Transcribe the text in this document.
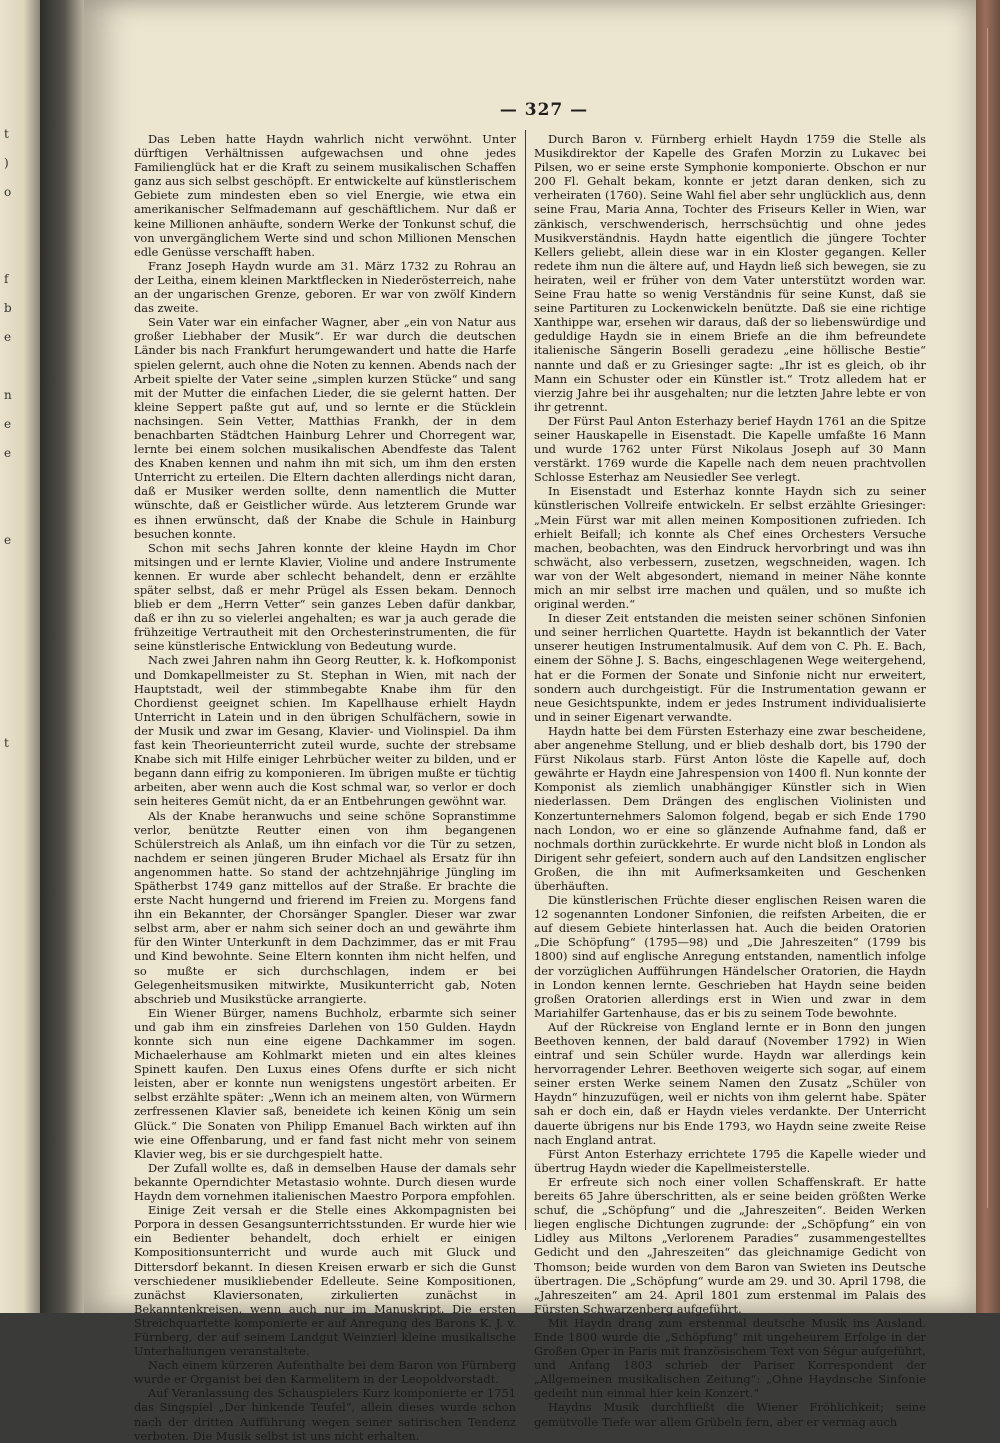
t
)
o
f
b
e
n
e
e
e
t
— 327 —

Das Leben hatte Haydn wahrlich nicht verwöhnt. Unter dürftigen Verhältnissen aufgewachsen und ohne jedes Familienglück hat er die Kraft zu seinem musikalischen Schaffen ganz aus sich selbst geschöpft. Er entwickelte auf künstlerischem Gebiete zum mindesten eben so viel Energie, wie etwa ein amerikanischer Selfmademann auf geschäftlichem. Nur daß er keine Millionen anhäufte, sondern Werke der Tonkunst schuf, die von unvergänglichem Werte sind und schon Millionen Menschen edle Genüsse verschafft haben.

Franz Joseph Haydn wurde am 31. März 1732 zu Rohrau an der Leitha, einem kleinen Marktflecken in Niederösterreich, nahe an der ungarischen Grenze, geboren. Er war von zwölf Kindern das zweite.

Sein Vater war ein einfacher Wagner, aber „ein von Natur aus großer Liebhaber der Musik“. Er war durch die deutschen Länder bis nach Frankfurt herumgewandert und hatte die Harfe spielen gelernt, auch ohne die Noten zu kennen. Abends nach der Arbeit spielte der Vater seine „simplen kurzen Stücke“ und sang mit der Mutter die einfachen Lieder, die sie gelernt hatten. Der kleine Seppert paßte gut auf, und so lernte er die Stücklein nachsingen. Sein Vetter, Matthias Frankh, der in dem benachbarten Städtchen Hainburg Lehrer und Chorregent war, lernte bei einem solchen musikalischen Abendfeste das Talent des Knaben kennen und nahm ihn mit sich, um ihm den ersten Unterricht zu erteilen. Die Eltern dachten allerdings nicht daran, daß er Musiker werden sollte, denn namentlich die Mutter wünschte, daß er Geistlicher würde. Aus letzterem Grunde war es ihnen erwünscht, daß der Knabe die Schule in Hainburg besuchen konnte.

Schon mit sechs Jahren konnte der kleine Haydn im Chor mitsingen und er lernte Klavier, Violine und andere Instrumente kennen. Er wurde aber schlecht behandelt, denn er erzählte später selbst, daß er mehr Prügel als Essen bekam. Dennoch blieb er dem „Herrn Vetter“ sein ganzes Leben dafür dankbar, daß er ihn zu so vielerlei angehalten; es war ja auch gerade die frühzeitige Vertrautheit mit den Orchesterinstrumenten, die für seine künstlerische Entwicklung von Bedeutung wurde.

Nach zwei Jahren nahm ihn Georg Reutter, k. k. Hofkomponist und Domkapellmeister zu St. Stephan in Wien, mit nach der Hauptstadt, weil der stimmbegabte Knabe ihm für den Chordienst geeignet schien. Im Kapellhause erhielt Haydn Unterricht in Latein und in den übrigen Schulfächern, sowie in der Musik und zwar im Gesang, Klavier- und Violinspiel. Da ihm fast kein Theorieunterricht zuteil wurde, suchte der strebsame Knabe sich mit Hilfe einiger Lehrbücher weiter zu bilden, und er begann dann eifrig zu komponieren. Im übrigen mußte er tüchtig arbeiten, aber wenn auch die Kost schmal war, so verlor er doch sein heiteres Gemüt nicht, da er an Entbehrungen gewöhnt war.

Als der Knabe heranwuchs und seine schöne Sopranstimme verlor, benützte Reutter einen von ihm begangenen Schülerstreich als Anlaß, um ihn einfach vor die Tür zu setzen, nachdem er seinen jüngeren Bruder Michael als Ersatz für ihn angenommen hatte. So stand der achtzehnjährige Jüngling im Spätherbst 1749 ganz mittellos auf der Straße. Er brachte die erste Nacht hungernd und frierend im Freien zu. Morgens fand ihn ein Bekannter, der Chorsänger Spangler. Dieser war zwar selbst arm, aber er nahm sich seiner doch an und gewährte ihm für den Winter Unterkunft in dem Dachzimmer, das er mit Frau und Kind bewohnte. Seine Eltern konnten ihm nicht helfen, und so mußte er sich durchschlagen, indem er bei Gelegenheitsmusiken mitwirkte, Musikunterricht gab, Noten abschrieb und Musikstücke arrangierte.

Ein Wiener Bürger, namens Buchholz, erbarmte sich seiner und gab ihm ein zinsfreies Darlehen von 150 Gulden. Haydn konnte sich nun eine eigene Dachkammer im sogen. Michaelerhause am Kohlmarkt mieten und ein altes kleines Spinett kaufen. Den Luxus eines Ofens durfte er sich nicht leisten, aber er konnte nun wenigstens ungestört arbeiten. Er selbst erzählte später: „Wenn ich an meinem alten, von Würmern zerfressenen Klavier saß, beneidete ich keinen König um sein Glück.“ Die Sonaten von Philipp Emanuel Bach wirkten auf ihn wie eine Offenbarung, und er fand fast nicht mehr von seinem Klavier weg, bis er sie durchgespielt hatte.

Der Zufall wollte es, daß in demselben Hause der damals sehr bekannte Operndichter Metastasio wohnte. Durch diesen wurde Haydn dem vornehmen italienischen Maestro Porpora empfohlen.

Einige Zeit versah er die Stelle eines Akkompagnisten bei Porpora in dessen Gesangsunterrichtsstunden. Er wurde hier wie ein Bedienter behandelt, doch erhielt er einigen Kompositionsunterricht und wurde auch mit Gluck und Dittersdorf bekannt. In diesen Kreisen erwarb er sich die Gunst verschiedener musikliebender Edelleute. Seine Kompositionen, zunächst Klaviersonaten, zirkulierten zunächst in Bekanntenkreisen, wenn auch nur im Manuskript. Die ersten Streichquartette komponierte er auf Anregung des Barons K. J. v. Fürnberg, der auf seinem Landgut Weinzierl kleine musikalische Unterhaltungen veranstaltete.

Nach einem kürzeren Aufenthalte bei dem Baron von Fürnberg wurde er Organist bei den Karmelitern in der Leopoldvorstadt.

Auf Veranlassung des Schauspielers Kurz komponierte er 1751 das Singspiel „Der hinkende Teufel“, allein dieses wurde schon nach der dritten Aufführung wegen seiner satirischen Tendenz verboten. Die Musik selbst ist uns nicht erhalten.

Durch Baron v. Fürnberg erhielt Haydn 1759 die Stelle als Musikdirektor der Kapelle des Grafen Morzin zu Lukavec bei Pilsen, wo er seine erste Symphonie komponierte. Obschon er nur 200 Fl. Gehalt bekam, konnte er jetzt daran denken, sich zu verheiraten (1760). Seine Wahl fiel aber sehr unglücklich aus, denn seine Frau, Maria Anna, Tochter des Friseurs Keller in Wien, war zänkisch, verschwenderisch, herrschsüchtig und ohne jedes Musikverständnis. Haydn hatte eigentlich die jüngere Tochter Kellers geliebt, allein diese war in ein Kloster gegangen. Keller redete ihm nun die ältere auf, und Haydn ließ sich bewegen, sie zu heiraten, weil er früher von dem Vater unterstützt worden war. Seine Frau hatte so wenig Verständnis für seine Kunst, daß sie seine Partituren zu Lockenwickeln benützte. Daß sie eine richtige Xanthippe war, ersehen wir daraus, daß der so liebenswürdige und geduldige Haydn sie in einem Briefe an die ihm befreundete italienische Sängerin Boselli geradezu „eine höllische Bestie“ nannte und daß er zu Griesinger sagte: „Ihr ist es gleich, ob ihr Mann ein Schuster oder ein Künstler ist.“ Trotz alledem hat er vierzig Jahre bei ihr ausgehalten; nur die letzten Jahre lebte er von ihr getrennt.

Der Fürst Paul Anton Esterhazy berief Haydn 1761 an die Spitze seiner Hauskapelle in Eisenstadt. Die Kapelle umfaßte 16 Mann und wurde 1762 unter Fürst Nikolaus Joseph auf 30 Mann verstärkt. 1769 wurde die Kapelle nach dem neuen prachtvollen Schlosse Esterhaz am Neusiedler See verlegt.

In Eisenstadt und Esterhaz konnte Haydn sich zu seiner künstlerischen Vollreife entwickeln. Er selbst erzählte Griesinger: „Mein Fürst war mit allen meinen Kompositionen zufrieden. Ich erhielt Beifall; ich konnte als Chef eines Orchesters Versuche machen, beobachten, was den Eindruck hervorbringt und was ihn schwächt, also verbessern, zusetzen, wegschneiden, wagen. Ich war von der Welt abgesondert, niemand in meiner Nähe konnte mich an mir selbst irre machen und quälen, und so mußte ich original werden.“

In dieser Zeit entstanden die meisten seiner schönen Sinfonien und seiner herrlichen Quartette. Haydn ist bekanntlich der Vater unserer heutigen Instrumentalmusik. Auf dem von C. Ph. E. Bach, einem der Söhne J. S. Bachs, eingeschlagenen Wege weitergehend, hat er die Formen der Sonate und Sinfonie nicht nur erweitert, sondern auch durchgeistigt. Für die Instrumentation gewann er neue Gesichtspunkte, indem er jedes Instrument individualisierte und in seiner Eigenart verwandte.

Haydn hatte bei dem Fürsten Esterhazy eine zwar bescheidene, aber angenehme Stellung, und er blieb deshalb dort, bis 1790 der Fürst Nikolaus starb. Fürst Anton löste die Kapelle auf, doch gewährte er Haydn eine Jahrespension von 1400 fl. Nun konnte der Komponist als ziemlich unabhängiger Künstler sich in Wien niederlassen. Dem Drängen des englischen Violinisten und Konzertunternehmers Salomon folgend, begab er sich Ende 1790 nach London, wo er eine so glänzende Aufnahme fand, daß er nochmals dorthin zurückkehrte. Er wurde nicht bloß in London als Dirigent sehr gefeiert, sondern auch auf den Landsitzen englischer Großen, die ihn mit Aufmerksamkeiten und Geschenken überhäuften.

Die künstlerischen Früchte dieser englischen Reisen waren die 12 sogenannten Londoner Sinfonien, die reifsten Arbeiten, die er auf diesem Gebiete hinterlassen hat. Auch die beiden Oratorien „Die Schöpfung“ (1795—98) und „Die Jahreszeiten“ (1799 bis 1800) sind auf englische Anregung entstanden, namentlich infolge der vorzüglichen Aufführungen Händelscher Oratorien, die Haydn in London kennen lernte. Geschrieben hat Haydn seine beiden großen Oratorien allerdings erst in Wien und zwar in dem Mariahilfer Gartenhause, das er bis zu seinem Tode bewohnte.

Auf der Rückreise von England lernte er in Bonn den jungen Beethoven kennen, der bald darauf (November 1792) in Wien eintraf und sein Schüler wurde. Haydn war allerdings kein hervorragender Lehrer. Beethoven weigerte sich sogar, auf einem seiner ersten Werke seinem Namen den Zusatz „Schüler von Haydn“ hinzuzufügen, weil er nichts von ihm gelernt habe. Später sah er doch ein, daß er Haydn vieles verdankte. Der Unterricht dauerte übrigens nur bis Ende 1793, wo Haydn seine zweite Reise nach England antrat.

Fürst Anton Esterhazy errichtete 1795 die Kapelle wieder und übertrug Haydn wieder die Kapellmeisterstelle.

Er erfreute sich noch einer vollen Schaffenskraft. Er hatte bereits 65 Jahre überschritten, als er seine beiden größten Werke schuf, die „Schöpfung“ und die „Jahreszeiten“. Beiden Werken liegen englische Dichtungen zugrunde: der „Schöpfung“ ein von Lidley aus Miltons „Verlorenem Paradies“ zusammengestelltes Gedicht und den „Jahreszeiten“ das gleichnamige Gedicht von Thomson; beide wurden von dem Baron van Swieten ins Deutsche übertragen. Die „Schöpfung“ wurde am 29. und 30. April 1798, die „Jahreszeiten“ am 24. April 1801 zum erstenmal im Palais des Fürsten Schwarzenberg aufgeführt.

Mit Haydn drang zum erstenmal deutsche Musik ins Ausland. Ende 1800 wurde die „Schöpfung“ mit ungeheurem Erfolge in der Großen Oper in Paris mit französischem Text von Ségur aufgeführt, und Anfang 1803 schrieb der Pariser Korrespondent der „Allgemeinen musikalischen Zeitung“: „Ohne Haydnsche Sinfonie gedeiht nun einmal hier kein Konzert.“

Haydns Musik durchfließt die Wiener Fröhlichkeit; seine gemütvolle Tiefe war allem Grübeln fern, aber er vermag auch
